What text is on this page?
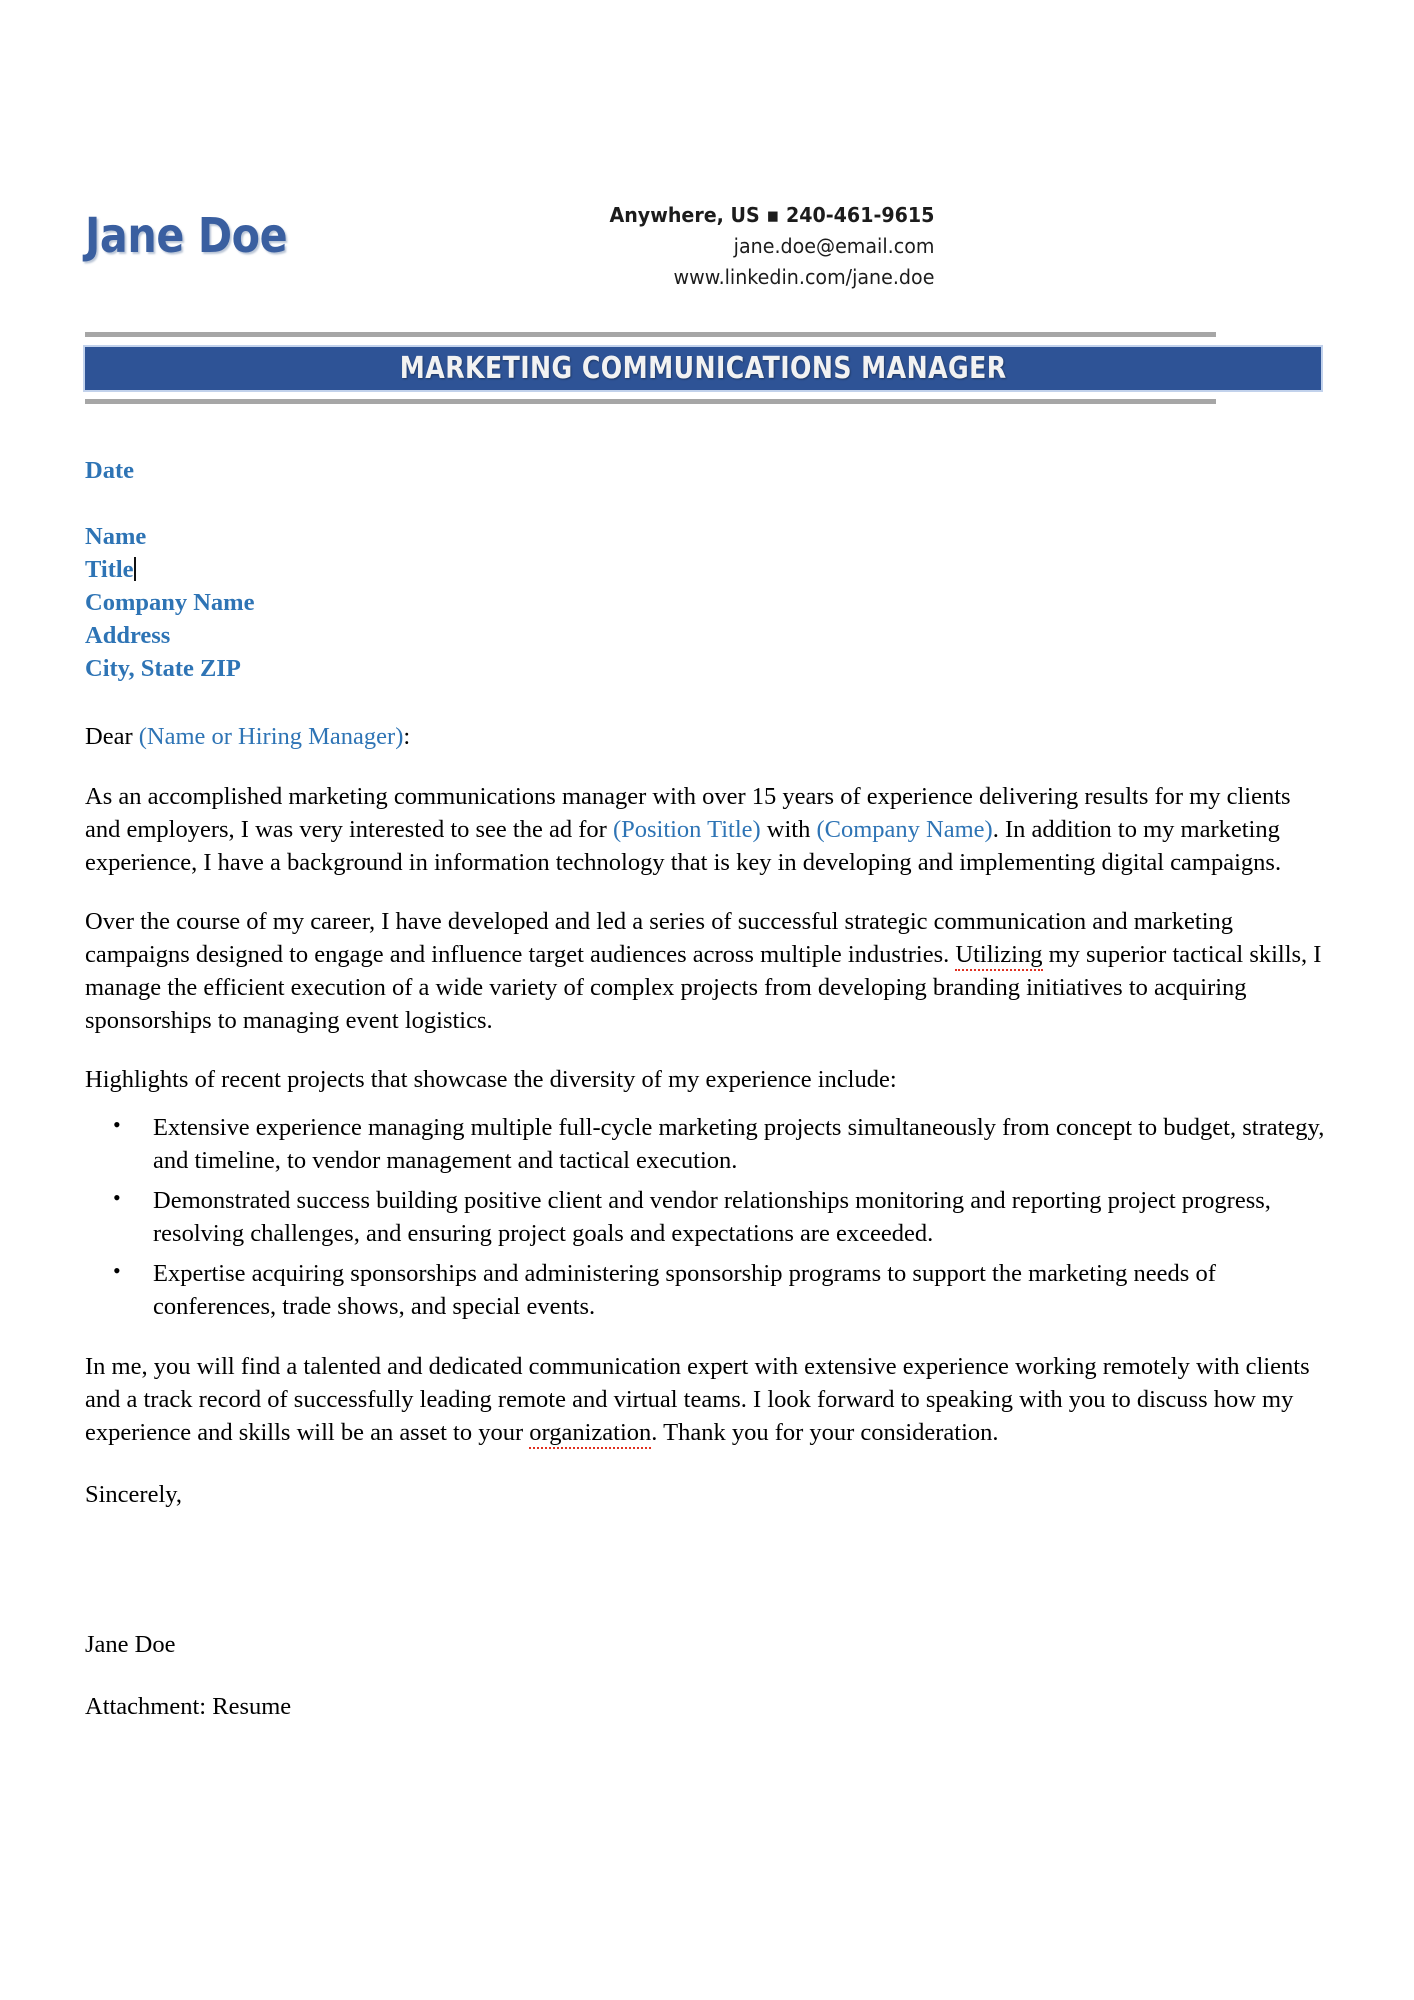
Jane Doe	Anywhere, US ▪ 240-461-9615
jane.doe@email.com
www.linkedin.com/jane.doe
MARKETING COMMUNICATIONS MANAGER
Date
Name
Title
Company Name
Address
City, State ZIP
Dear (Name or Hiring Manager):

As an accomplished marketing communications manager with over 15 years of experience delivering results for my clients and employers, I was very interested to see the ad for (Position Title) with (Company Name). In addition to my marketing experience, I have a background in information technology that is key in developing and implementing digital campaigns.

Over the course of my career, I have developed and led a series of successful strategic communication and marketing campaigns designed to engage and influence target audiences across multiple industries. Utilizing my superior tactical skills, I manage the efficient execution of a wide variety of complex projects from developing branding initiatives to acquiring sponsorships to managing event logistics.

Highlights of recent projects that showcase the diversity of my experience include:

• Extensive experience managing multiple full-cycle marketing projects simultaneously from concept to budget, strategy, and timeline, to vendor management and tactical execution.
• Demonstrated success building positive client and vendor relationships monitoring and reporting project progress, resolving challenges, and ensuring project goals and expectations are exceeded.
• Expertise acquiring sponsorships and administering sponsorship programs to support the marketing needs of conferences, trade shows, and special events.

In me, you will find a talented and dedicated communication expert with extensive experience working remotely with clients and a track record of successfully leading remote and virtual teams. I look forward to speaking with you to discuss how my experience and skills will be an asset to your organization. Thank you for your consideration.

Sincerely,
Jane Doe
Attachment: Resume
